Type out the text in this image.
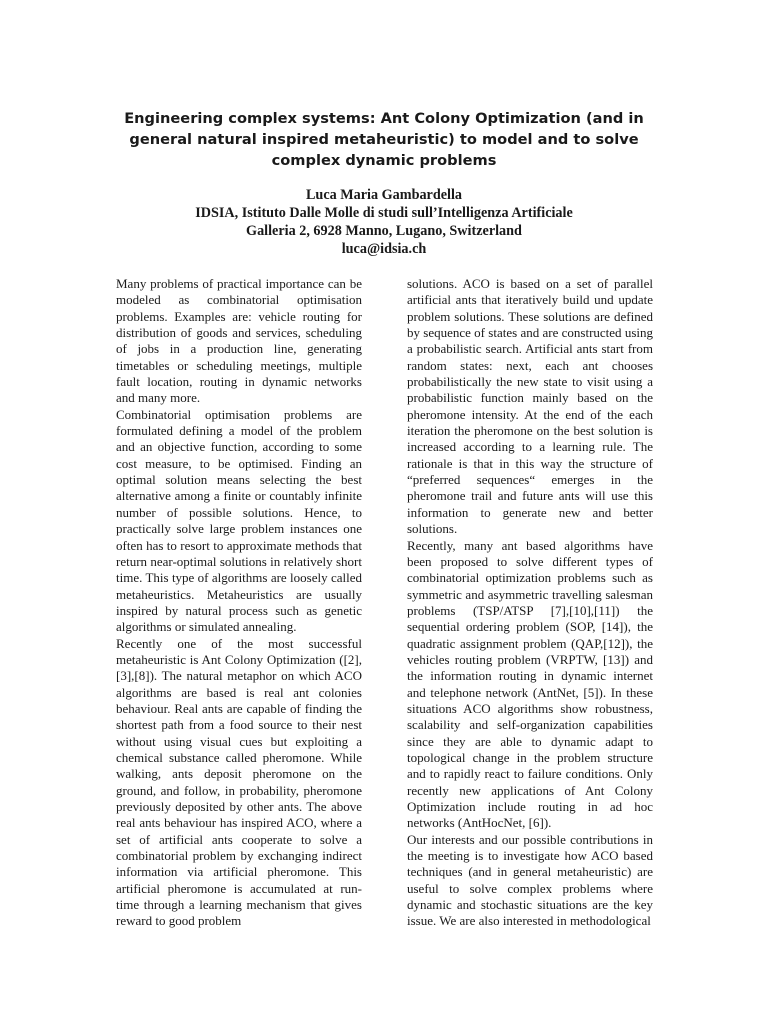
Engineering complex systems: Ant Colony Optimization (and in general natural inspired metaheuristic) to model and to solve complex dynamic problems
Luca Maria Gambardella
IDSIA, Istituto Dalle Molle di studi sull’Intelligenza Artificiale
Galleria 2, 6928 Manno, Lugano, Switzerland
luca@idsia.ch

Many problems of practical importance can be modeled as combinatorial optimisation problems. Examples are: vehicle routing for distribution of goods and services, scheduling of jobs in a production line, generating timetables or scheduling meetings, multiple fault location, routing in dynamic networks and many more.

Combinatorial optimisation problems are formulated defining a model of the problem and an objective function, according to some cost measure, to be optimised. Finding an optimal solution means selecting the best alternative among a finite or countably infinite number of possible solutions. Hence, to practically solve large problem instances one often has to resort to approximate methods that return near-optimal solutions in relatively short time. This type of algorithms are loosely called metaheuristics. Metaheuristics are usually inspired by natural process such as genetic algorithms or simulated annealing.

Recently one of the most successful metaheuristic is Ant Colony Optimization ([2], [3],[8]). The natural metaphor on which ACO algorithms are based is real ant colonies behaviour. Real ants are capable of finding the shortest path from a food source to their nest without using visual cues but exploiting a chemical substance called pheromone. While walking, ants deposit pheromone on the ground, and follow, in probability, pheromone previously deposited by other ants. The above real ants behaviour has inspired ACO, where a set of artificial ants cooperate to solve a combinatorial problem by exchanging indirect information via artificial pheromone. This artificial pheromone is accumulated at run-time through a learning mechanism that gives reward to good problem

solutions. ACO is based on a set of parallel artificial ants that iteratively build und update problem solutions. These solutions are defined by sequence of states and are constructed using a probabilistic search. Artificial ants start from random states: next, each ant chooses probabilistically the new state to visit using a probabilistic function mainly based on the pheromone intensity. At the end of the each iteration the pheromone on the best solution is increased according to a learning rule. The rationale is that in this way the structure of “preferred sequences“ emerges in the pheromone trail and future ants will use this information to generate new and better solutions.

Recently, many ant based algorithms have been proposed to solve different types of combinatorial optimization problems such as symmetric and asymmetric travelling salesman problems (TSP/ATSP [7],[10],[11]) the sequential ordering problem (SOP, [14]), the quadratic assignment problem (QAP,[12]), the vehicles routing problem (VRPTW, [13]) and the information routing in dynamic internet and telephone network (AntNet, [5]). In these situations ACO algorithms show robustness, scalability and self-organization capabilities since they are able to dynamic adapt to topological change in the problem structure and to rapidly react to failure conditions. Only recently new applications of Ant Colony Optimization include routing in ad hoc networks (AntHocNet, [6]).

Our interests and our possible contributions in the meeting is to investigate how ACO based techniques (and in general metaheuristic) are useful to solve complex problems where dynamic and stochastic situations are the key issue. We are also interested in methodological
